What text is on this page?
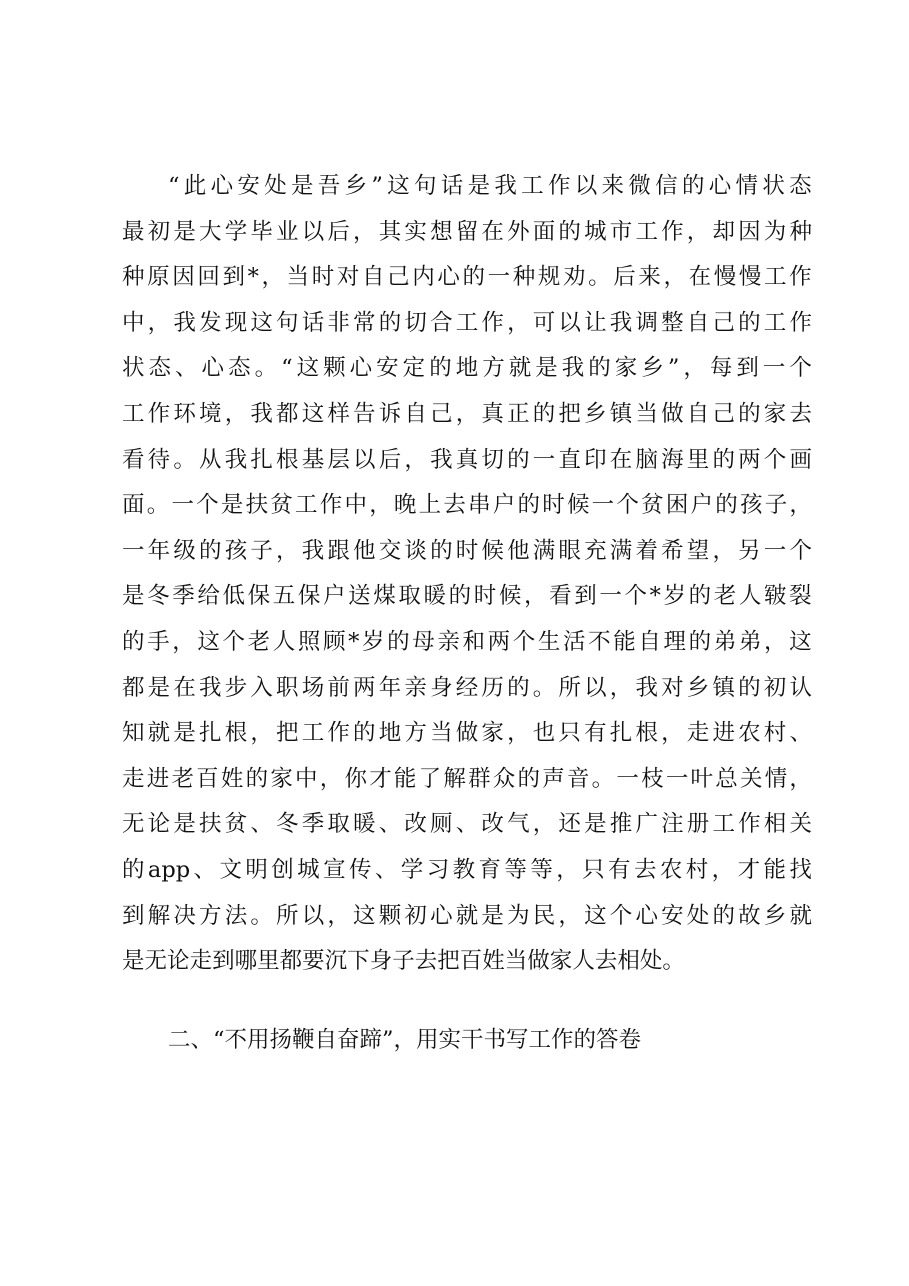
“ 此 心 安 处 是 吾 乡 ” 这 句 话 是 我 工 作 以 来 微 信 的 心 情 状 态
最 初 是 大 学 毕 业 以 后 ， 其 实 想 留 在 外 面 的 城 市 工 作 ， 却 因 为 种
种 原 因 回 到 * ， 当 时 对 自 己 内 心 的 一 种 规 劝 。 后 来 ， 在 慢 慢 工 作
中 ， 我 发 现 这 句 话 非 常 的 切 合 工 作 ， 可 以 让 我 调 整 自 己 的 工 作
状 态 、 心 态 。 “ 这 颗 心 安 定 的 地 方 就 是 我 的 家 乡 ” ， 每 到 一 个
工 作 环 境 ， 我 都 这 样 告 诉 自 己 ， 真 正 的 把 乡 镇 当 做 自 己 的 家 去
看 待 。 从 我 扎 根 基 层 以 后 ， 我 真 切 的 一 直 印 在 脑 海 里 的 两 个 画
面 。 一 个 是 扶 贫 工 作 中 ， 晚 上 去 串 户 的 时 候 一 个 贫 困 户 的 孩 子 ，
一 年 级 的 孩 子 ， 我 跟 他 交 谈 的 时 候 他 满 眼 充 满 着 希 望 ， 另 一 个
是 冬 季 给 低 保 五 保 户 送 煤 取 暖 的 时 候 ， 看 到 一 个 * 岁 的 老 人 皲 裂
的 手 ， 这 个 老 人 照 顾 * 岁 的 母 亲 和 两 个 生 活 不 能 自 理 的 弟 弟 ， 这
都 是 在 我 步 入 职 场 前 两 年 亲 身 经 历 的 。 所 以 ， 我 对 乡 镇 的 初 认
知 就 是 扎 根 ， 把 工 作 的 地 方 当 做 家 ， 也 只 有 扎 根 ， 走 进 农 村 、
走 进 老 百 姓 的 家 中 ， 你 才 能 了 解 群 众 的 声 音 。 一 枝 一 叶 总 关 情 ，
无 论 是 扶 贫 、 冬 季 取 暖 、 改 厕 、 改 气 ， 还 是 推 广 注 册 工 作 相 关
的 app 、 文 明 创 城 宣 传 、 学 习 教 育 等 等 ， 只 有 去 农 村 ， 才 能 找
到 解 决 方 法 。 所 以 ， 这 颗 初 心 就 是 为 民 ， 这 个 心 安 处 的 故 乡 就
是 无 论 走 到 哪 里 都 要 沉 下 身 子 去 把 百 姓 当 做 家 人 去 相 处 。
二、“不用扬鞭自奋蹄”，用实干书写工作的答卷
